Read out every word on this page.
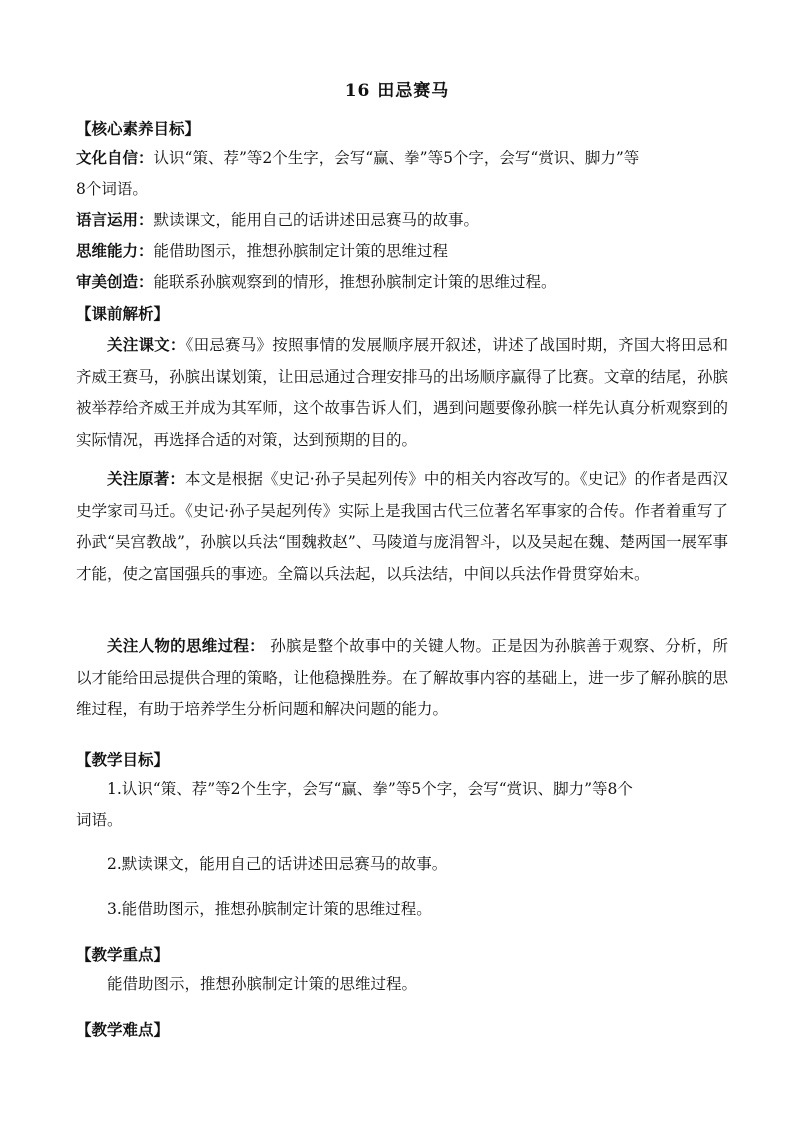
16 田忌赛马
【核心素养目标】
文化自信：认识“策、荐”等2个生字，会写“赢、拳”等5个字，会写“赏识、脚力”等
8个词语。
语言运用：默读课文，能用自己的话讲述田忌赛马的故事。
思维能力：能借助图示，推想孙膑制定计策的思维过程
审美创造：能联系孙膑观察到的情形，推想孙膑制定计策的思维过程。
【课前解析】
关注课文：《田忌赛马》按照事情的发展顺序展开叙述，讲述了战国时期，齐国大将田忌和齐威王赛马，孙膑出谋划策，让田忌通过合理安排马的出场顺序赢得了比赛。文章的结尾，孙膑被举荐给齐威王并成为其军师，这个故事告诉人们，遇到问题要像孙膑一样先认真分析观察到的实际情况，再选择合适的对策，达到预期的目的。
关注原著：本文是根据《史记·孙子吴起列传》中的相关内容改写的。《史记》的作者是西汉史学家司马迁。《史记·孙子吴起列传》实际上是我国古代三位著名军事家的合传。作者着重写了孙武“吴宫教战”，孙膑以兵法“围魏救赵”、马陵道与庞涓智斗，以及吴起在魏、楚两国一展军事才能，使之富国强兵的事迹。全篇以兵法起，以兵法结，中间以兵法作骨贯穿始末。
关注人物的思维过程： 孙膑是整个故事中的关键人物。正是因为孙膑善于观察、分析，所以才能给田忌提供合理的策略，让他稳操胜券。在了解故事内容的基础上，进一步了解孙膑的思维过程，有助于培养学生分析问题和解决问题的能力。
【教学目标】
1.认识“策、荐”等2个生字，会写“赢、拳”等5个字，会写“赏识、脚力”等8个
词语。
2.默读课文，能用自己的话讲述田忌赛马的故事。
3.能借助图示，推想孙膑制定计策的思维过程。
【教学重点】
能借助图示，推想孙膑制定计策的思维过程。
【教学难点】
